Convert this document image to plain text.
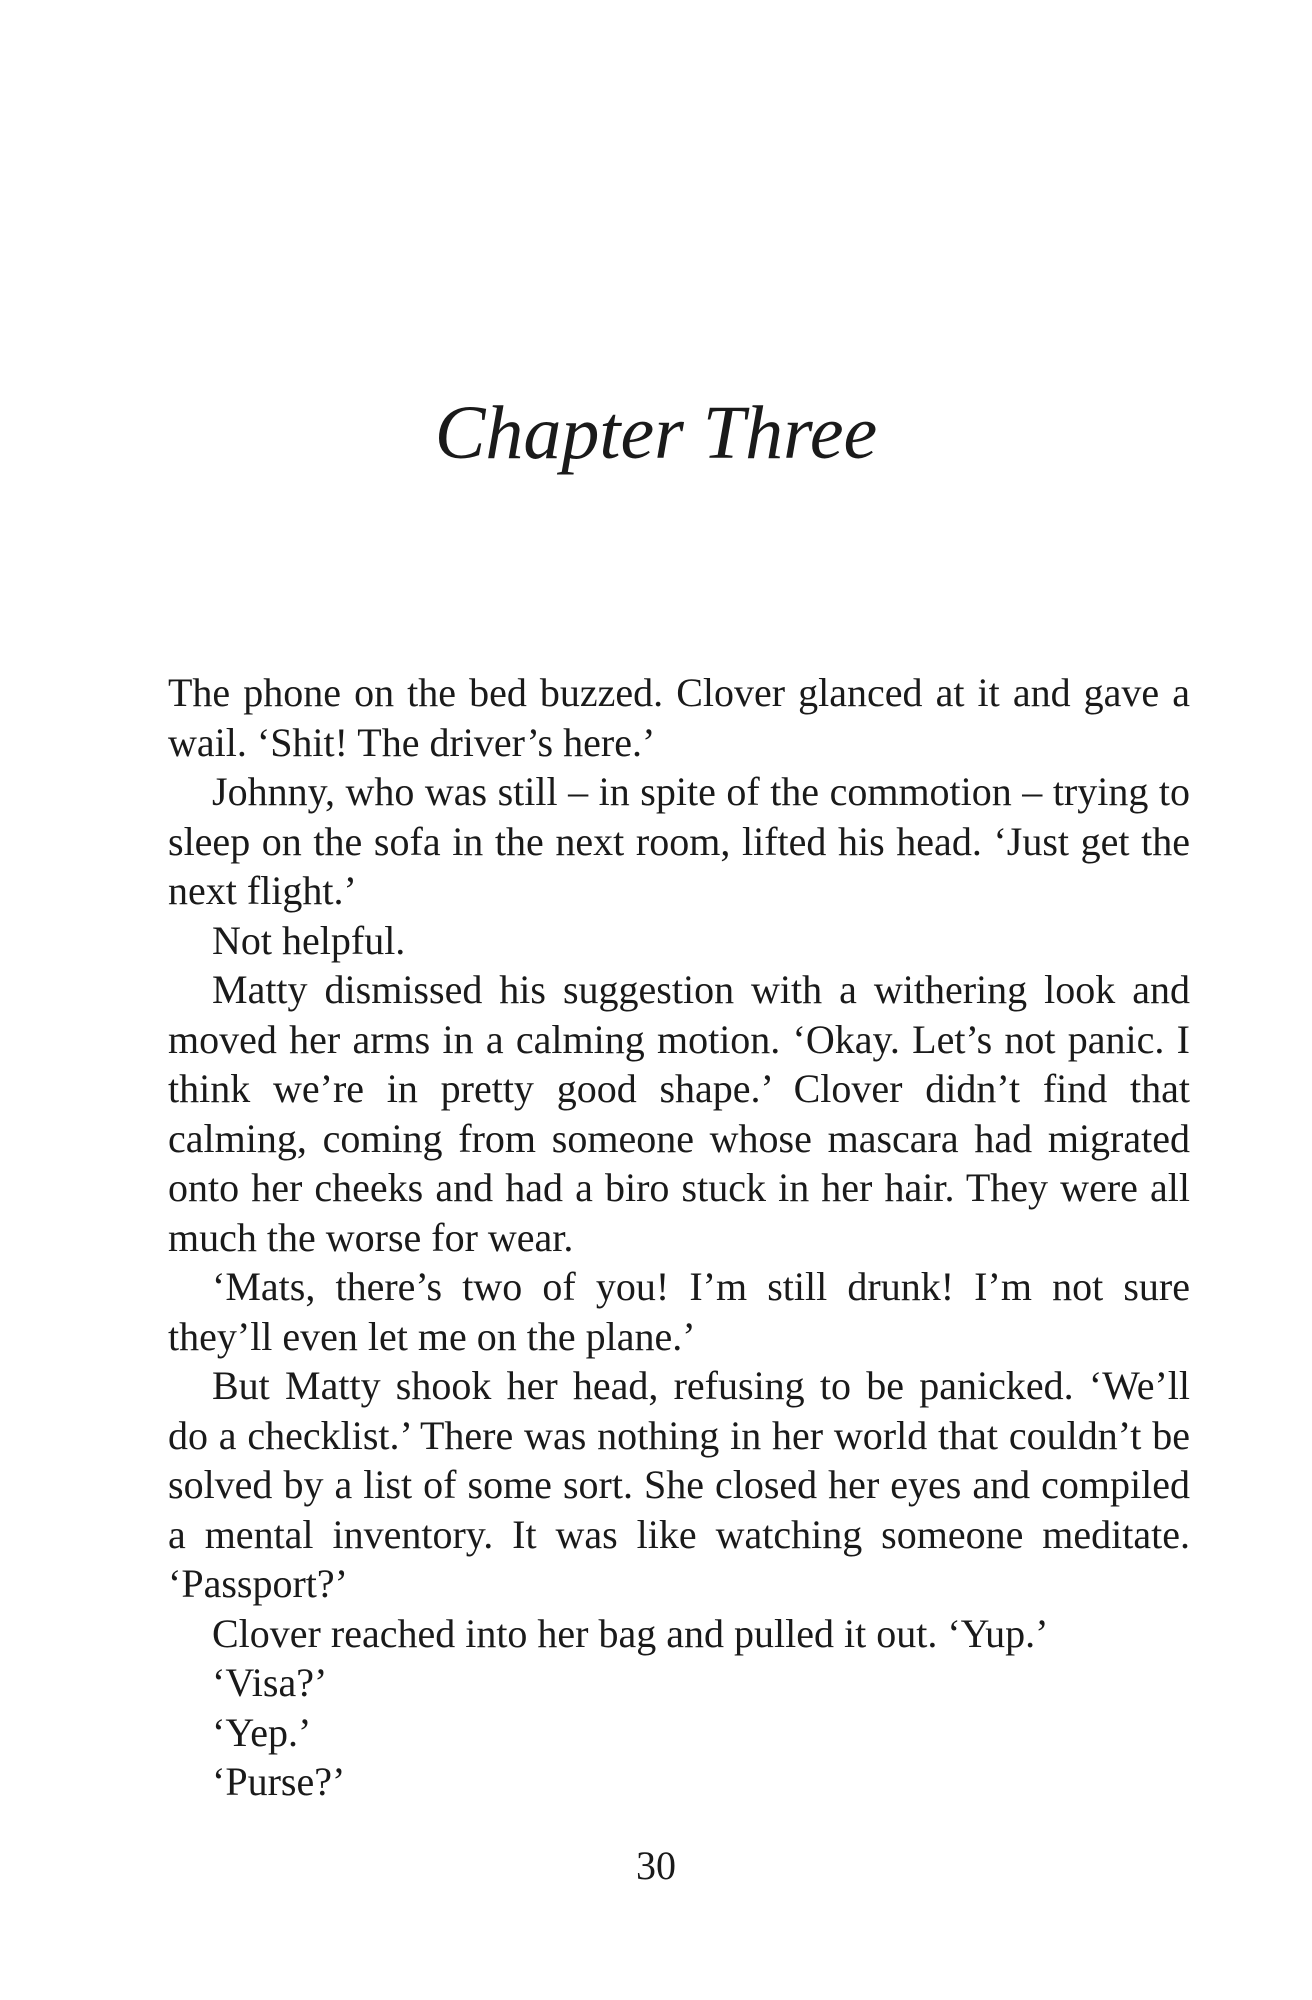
Chapter Three

The phone on the bed buzzed. Clover glanced at it and gave a wail. ‘Shit! The driver’s here.’

Johnny, who was still – in spite of the commotion – trying to sleep on the sofa in the next room, lifted his head. ‘Just get the next flight.’

Not helpful.

Matty dismissed his suggestion with a withering look and moved her arms in a calming motion. ‘Okay. Let’s not panic. I think we’re in pretty good shape.’ Clover didn’t find that calming, coming from someone whose mascara had migrated onto her cheeks and had a biro stuck in her hair. They were all much the worse for wear.

‘Mats, there’s two of you! I’m still drunk! I’m not sure they’ll even let me on the plane.’

But Matty shook her head, refusing to be panicked. ‘We’ll do a checklist.’ There was nothing in her world that couldn’t be solved by a list of some sort. She closed her eyes and compiled a mental inventory. It was like watching someone meditate. ‘Passport?’

Clover reached into her bag and pulled it out. ‘Yup.’

‘Visa?’

‘Yep.’

‘Purse?’

30
